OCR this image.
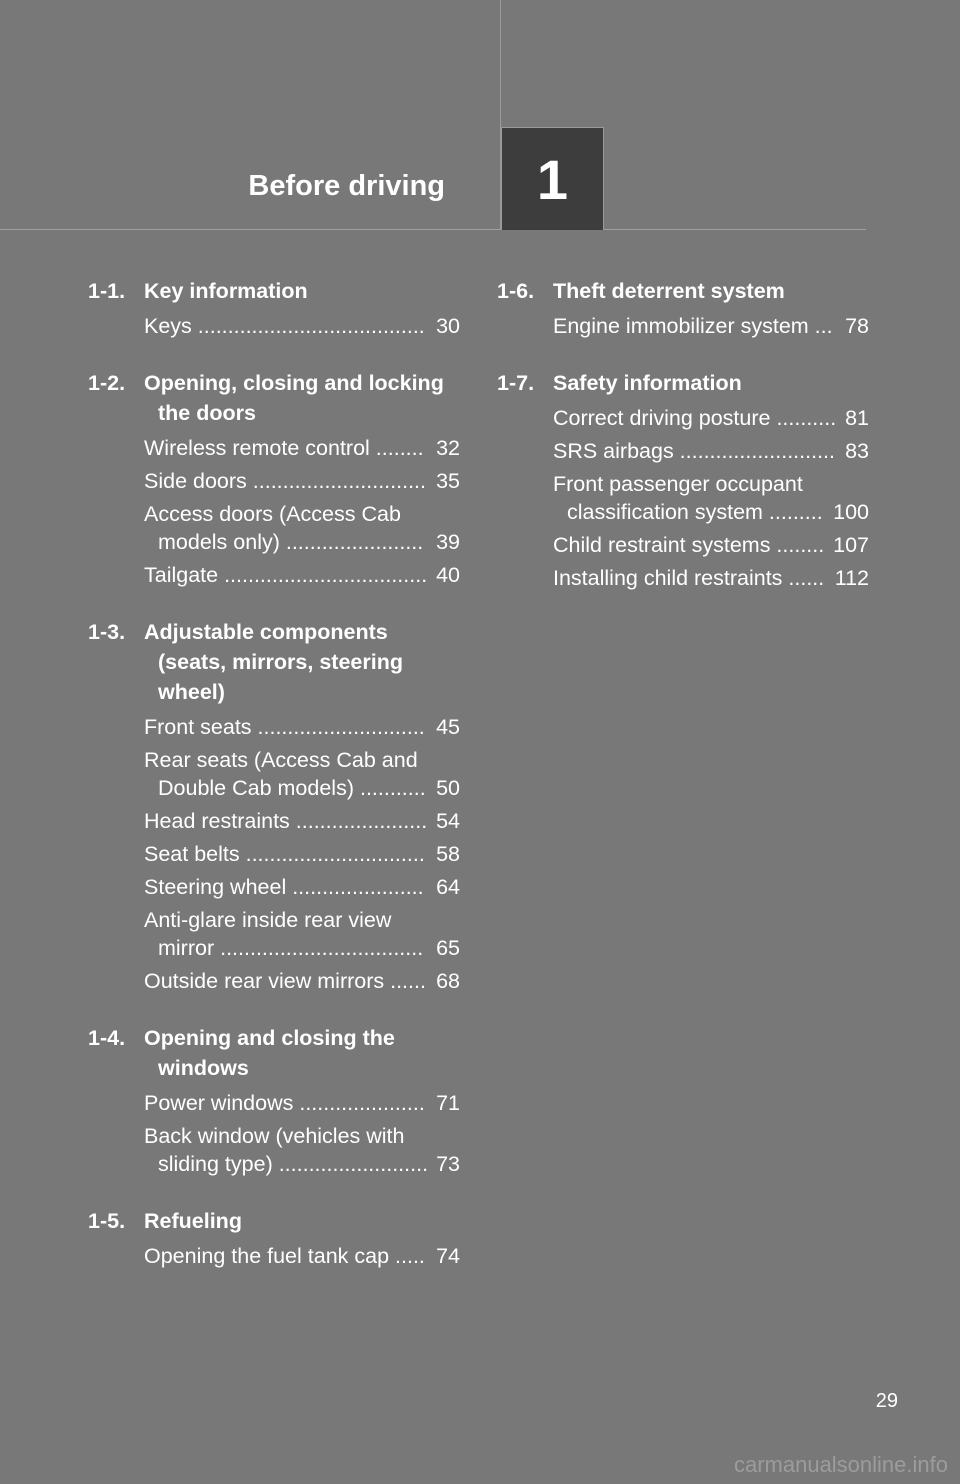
Before driving	1
1-1. Key information
Keys ...................................... 30
1-2. Opening, closing and locking the doors
Wireless remote control ........ 32
Side doors ............................. 35
Access doors (Access Cab models only) ....................... 39
Tailgate .................................. 40
1-3. Adjustable components (seats, mirrors, steering wheel)
Front seats ............................ 45
Rear seats (Access Cab and Double Cab models) ........... 50
Head restraints ...................... 54
Seat belts .............................. 58
Steering wheel ...................... 64
Anti-glare inside rear view mirror .................................. 65
Outside rear view mirrors ...... 68
1-4. Opening and closing the windows
Power windows ..................... 71
Back window (vehicles with sliding type) ......................... 73
1-5. Refueling
Opening the fuel tank cap ..... 74
1-6. Theft deterrent system
Engine immobilizer system ... 78
1-7. Safety information
Correct driving posture .......... 81
SRS airbags .......................... 83
Front passenger occupant classification system ......... 100
Child restraint systems ........ 107
Installing child restraints ...... 112
29
carmanualsonline.info
